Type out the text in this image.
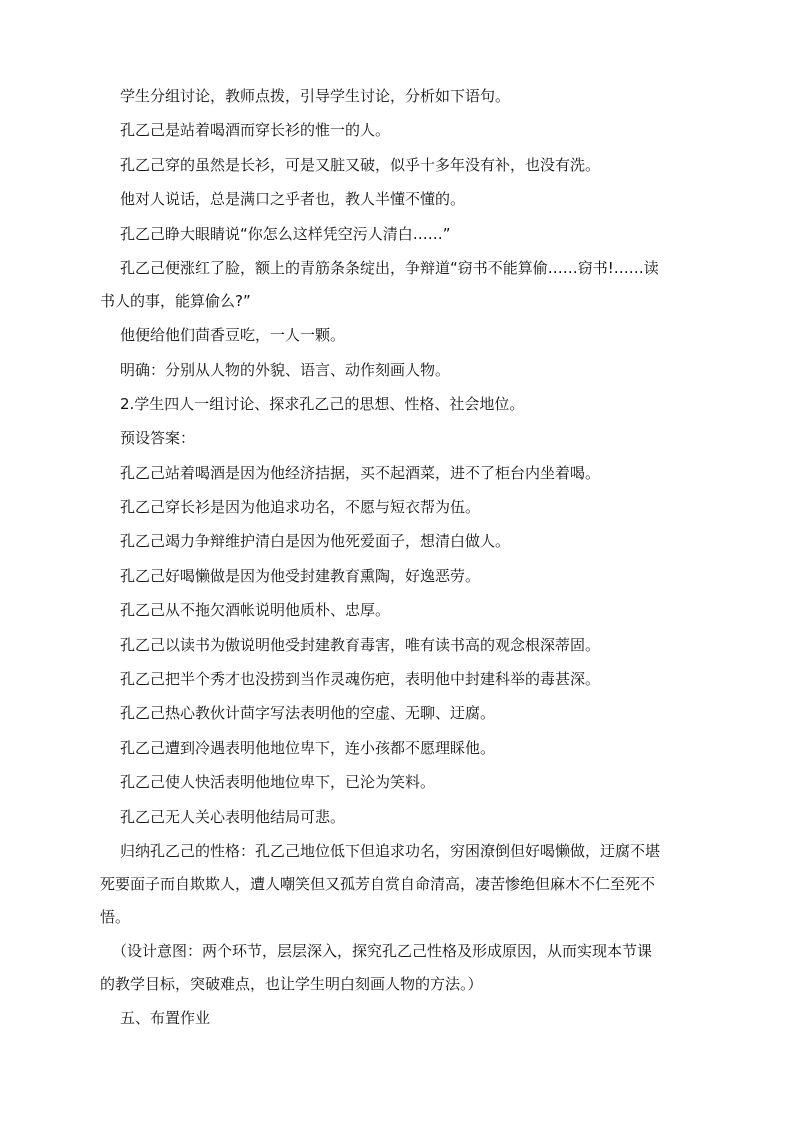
学生分组讨论，教师点拨，引导学生讨论，分析如下语句。
孔乙己是站着喝酒而穿长衫的惟一的人。
孔乙己穿的虽然是长衫，可是又脏又破，似乎十多年没有补，也没有洗。
他对人说话，总是满口之乎者也，教人半懂不懂的。
孔乙己睁大眼睛说“你怎么这样凭空污人清白……”
孔乙己便涨红了脸，额上的青筋条条绽出，争辩道“窃书不能算偷……窃书!……读
书人的事，能算偷么?”
他便给他们茴香豆吃，一人一颗。
明确：分别从人物的外貌、语言、动作刻画人物。
2.学生四人一组讨论、探求孔乙己的思想、性格、社会地位。
预设答案：
孔乙己站着喝酒是因为他经济拮据，买不起酒菜，进不了柜台内坐着喝。
孔乙己穿长衫是因为他追求功名，不愿与短衣帮为伍。
孔乙己竭力争辩维护清白是因为他死爱面子，想清白做人。
孔乙己好喝懒做是因为他受封建教育熏陶，好逸恶劳。
孔乙己从不拖欠酒帐说明他质朴、忠厚。
孔乙己以读书为傲说明他受封建教育毒害，唯有读书高的观念根深蒂固。
孔乙己把半个秀才也没捞到当作灵魂伤疤，表明他中封建科举的毒甚深。
孔乙己热心教伙计茴字写法表明他的空虚、无聊、迂腐。
孔乙己遭到冷遇表明他地位卑下，连小孩都不愿理睬他。
孔乙己使人快活表明他地位卑下，已沦为笑料。
孔乙己无人关心表明他结局可悲。
归纳孔乙己的性格：孔乙己地位低下但追求功名，穷困潦倒但好喝懒做，迂腐不堪
死要面子而自欺欺人，遭人嘲笑但又孤芳自赏自命清高，凄苦惨绝但麻木不仁至死不
悟。
（设计意图：两个环节，层层深入，探究孔乙己性格及形成原因，从而实现本节课
的教学目标，突破难点，也让学生明白刻画人物的方法。）
五、布置作业
